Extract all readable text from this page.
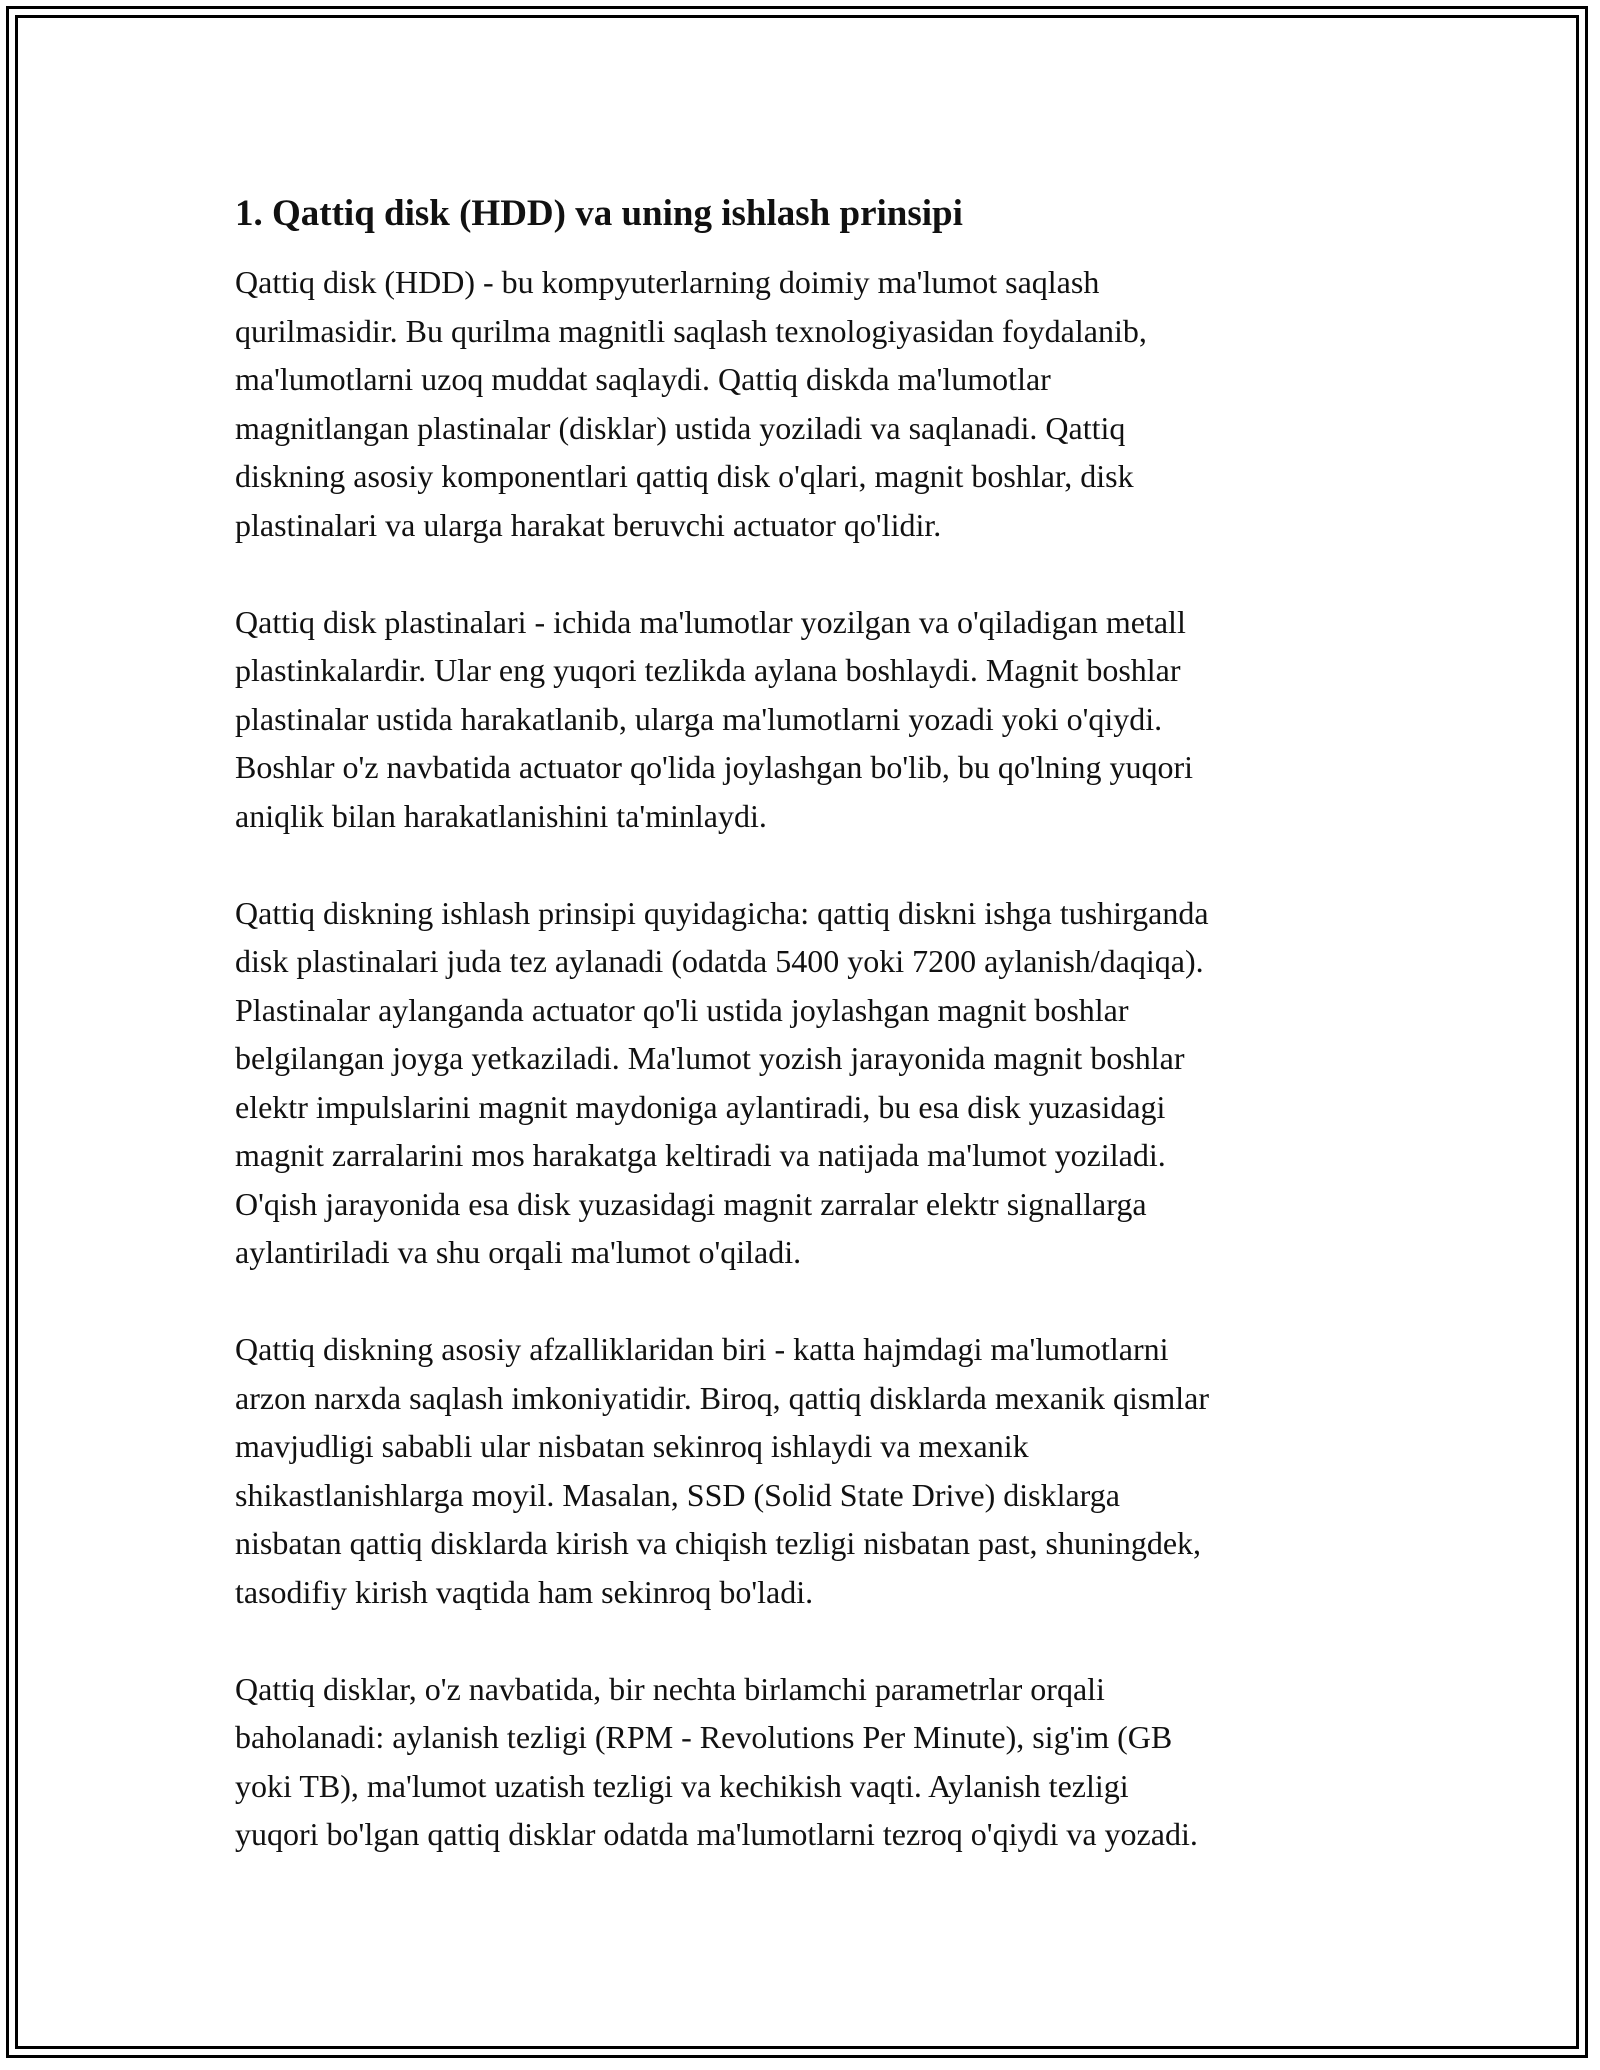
1. Qattiq disk (HDD) va uning ishlash prinsipi

Qattiq disk (HDD) - bu kompyuterlarning doimiy ma'lumot saqlash
qurilmasidir. Bu qurilma magnitli saqlash texnologiyasidan foydalanib,
ma'lumotlarni uzoq muddat saqlaydi. Qattiq diskda ma'lumotlar
magnitlangan plastinalar (disklar) ustida yoziladi va saqlanadi. Qattiq
diskning asosiy komponentlari qattiq disk o'qlari, magnit boshlar, disk
plastinalari va ularga harakat beruvchi actuator qo'lidir.

Qattiq disk plastinalari - ichida ma'lumotlar yozilgan va o'qiladigan metall
plastinkalardir. Ular eng yuqori tezlikda aylana boshlaydi. Magnit boshlar
plastinalar ustida harakatlanib, ularga ma'lumotlarni yozadi yoki o'qiydi.
Boshlar o'z navbatida actuator qo'lida joylashgan bo'lib, bu qo'lning yuqori
aniqlik bilan harakatlanishini ta'minlaydi.

Qattiq diskning ishlash prinsipi quyidagicha: qattiq diskni ishga tushirganda
disk plastinalari juda tez aylanadi (odatda 5400 yoki 7200 aylanish/daqiqa).
Plastinalar aylanganda actuator qo'li ustida joylashgan magnit boshlar
belgilangan joyga yetkaziladi. Ma'lumot yozish jarayonida magnit boshlar
elektr impulslarini magnit maydoniga aylantiradi, bu esa disk yuzasidagi
magnit zarralarini mos harakatga keltiradi va natijada ma'lumot yoziladi.
O'qish jarayonida esa disk yuzasidagi magnit zarralar elektr signallarga
aylantiriladi va shu orqali ma'lumot o'qiladi.

Qattiq diskning asosiy afzalliklaridan biri - katta hajmdagi ma'lumotlarni
arzon narxda saqlash imkoniyatidir. Biroq, qattiq disklarda mexanik qismlar
mavjudligi sababli ular nisbatan sekinroq ishlaydi va mexanik
shikastlanishlarga moyil. Masalan, SSD (Solid State Drive) disklarga
nisbatan qattiq disklarda kirish va chiqish tezligi nisbatan past, shuningdek,
tasodifiy kirish vaqtida ham sekinroq bo'ladi.

Qattiq disklar, o'z navbatida, bir nechta birlamchi parametrlar orqali
baholanadi: aylanish tezligi (RPM - Revolutions Per Minute), sig'im (GB
yoki TB), ma'lumot uzatish tezligi va kechikish vaqti. Aylanish tezligi
yuqori bo'lgan qattiq disklar odatda ma'lumotlarni tezroq o'qiydi va yozadi.
